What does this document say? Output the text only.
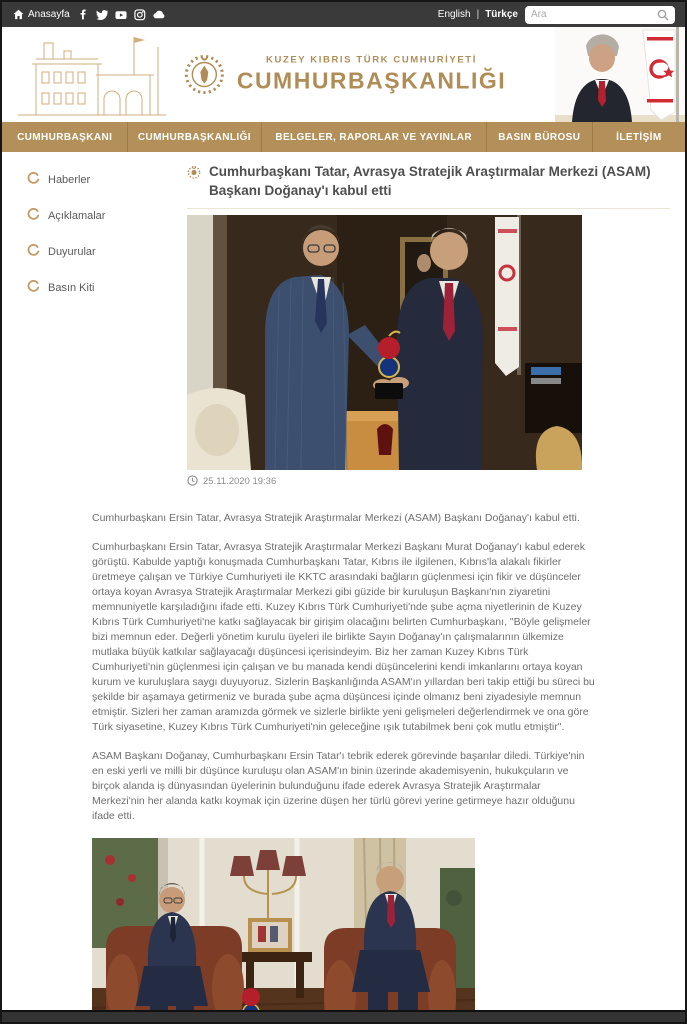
Anasayfa	English | Türkçe
Ara
KUZEY KIBRIS TÜRK CUMHURİYETİ
CUMHURBAŞKANLIĞI
CUMHURBAŞKANI	CUMHURBAŞKANLIĞI	BELGELER, RAPORLAR VE YAYINLAR	BASIN BÜROSU	İLETİŞİM
Haberler
Açıklamalar
Duyurular
Basın Kiti
Cumhurbaşkanı Tatar, Avrasya Stratejik Araştırmalar Merkezi (ASAM) Başkanı Doğanay'ı kabul etti
25.11.2020 19:36

Cumhurbaşkanı Ersin Tatar, Avrasya Stratejik Araştırmalar Merkezi (ASAM) Başkanı Doğanay'ı kabul etti.

Cumhurbaşkanı Ersin Tatar, Avrasya Stratejik Araştırmalar Merkezi Başkanı Murat Doğanay'ı kabul ederek görüştü. Kabulde yaptığı konuşmada Cumhurbaşkanı Tatar, Kıbrıs ile ilgilenen, Kıbrıs'la alakalı fikirler üretmeye çalışan ve Türkiye Cumhuriyeti ile KKTC arasındaki bağların güçlenmesi için fikir ve düşünceler ortaya koyan Avrasya Stratejik Araştırmalar Merkezi gibi güzide bir kuruluşun Başkanı'nın ziyaretini memnuniyetle karşıladığını ifade etti. Kuzey Kıbrıs Türk Cumhuriyeti'nde şube açma niyetlerinin de Kuzey Kıbrıs Türk Cumhuriyeti'ne katkı sağlayacak bir girişim olacağını belirten Cumhurbaşkanı, "Böyle gelişmeler bizi memnun eder. Değerli yönetim kurulu üyeleri ile birlikte Sayın Doğanay'ın çalışmalarının ülkemize mutlaka büyük katkılar sağlayacağı düşüncesi içerisindeyim. Biz her zaman Kuzey Kıbrıs Türk Cumhuriyeti'nin güçlenmesi için çalışan ve bu manada kendi düşüncelerini kendi imkanlarını ortaya koyan kurum ve kuruluşlara saygı duyuyoruz. Sizlerin Başkanlığında ASAM'ın yıllardan beri takip ettiği bu süreci bu şekilde bir aşamaya getirmeniz ve burada şube açma düşüncesi içinde olmanız beni ziyadesiyle memnun etmiştir. Sizleri her zaman aramızda görmek ve sizlerle birlikte yeni gelişmeleri değerlendirmek ve ona göre Türk siyasetine, Kuzey Kıbrıs Türk Cumhuriyeti'nin geleceğine ışık tutabilmek beni çok mutlu etmiştir".

ASAM Başkanı Doğanay, Cumhurbaşkanı Ersin Tatar'ı tebrik ederek görevinde başarılar diledi. Türkiye'nin en eski yerli ve milli bir düşünce kuruluşu olan ASAM'ın binin üzerinde akademisyenin, hukukçuların ve birçok alanda iş dünyasından üyelerinin bulunduğunu ifade ederek Avrasya Stratejik Araştırmalar Merkezi'nin her alanda katkı koymak için üzerine düşen her türlü görevi yerine getirmeye hazır olduğunu ifade etti.
